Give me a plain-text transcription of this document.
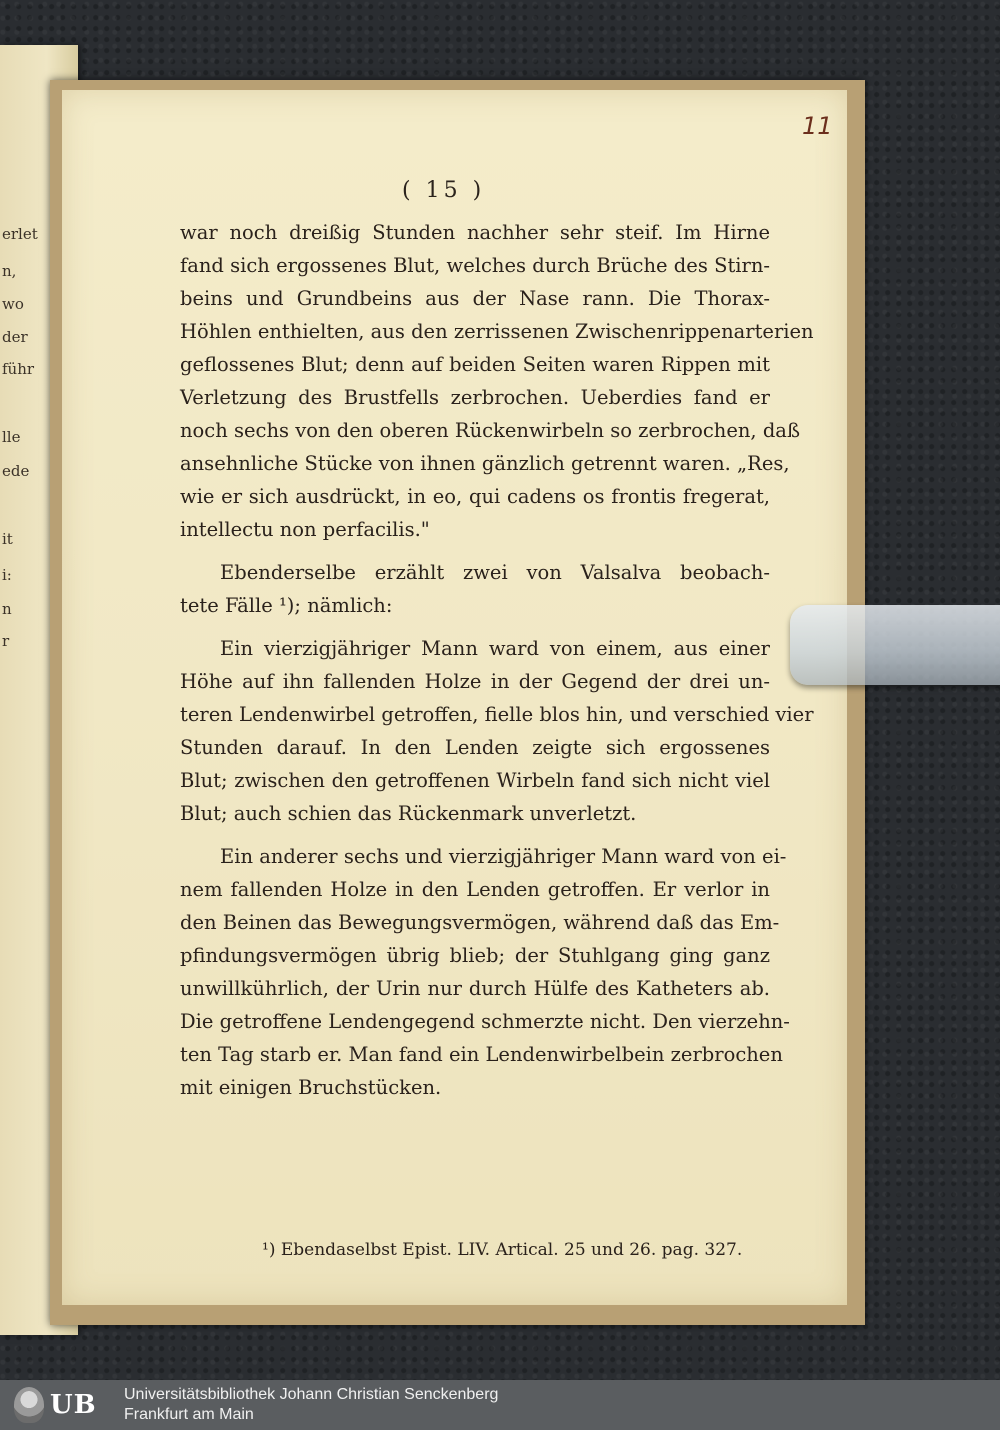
erlet
n,
wo
der
führ
lle
ede
it
i:
n
r
11
( 15 )
war noch dreißig Stunden nachher sehr steif. Im Hirne
fand sich ergossenes Blut, welches durch Brüche des Stirn-
beins und Grundbeins aus der Nase rann. Die Thorax-
Höhlen enthielten, aus den zerrissenen Zwischenrippenarterien
geflossenes Blut; denn auf beiden Seiten waren Rippen mit
Verletzung des Brustfells zerbrochen. Ueberdies fand er
noch sechs von den oberen Rückenwirbeln so zerbrochen, daß
ansehnliche Stücke von ihnen gänzlich getrennt waren. „Res,
wie er sich ausdrückt, in eo, qui cadens os frontis fregerat,
intellectu non perfacilis."
Ebenderselbe erzählt zwei von Valsalva beobach-
tete Fälle ¹); nämlich:
Ein vierzigjähriger Mann ward von einem, aus einer
Höhe auf ihn fallenden Holze in der Gegend der drei un-
teren Lendenwirbel getroffen, fielle blos hin, und verschied vier
Stunden darauf. In den Lenden zeigte sich ergossenes
Blut; zwischen den getroffenen Wirbeln fand sich nicht viel
Blut; auch schien das Rückenmark unverletzt.
Ein anderer sechs und vierzigjähriger Mann ward von ei-
nem fallenden Holze in den Lenden getroffen. Er verlor in
den Beinen das Bewegungsvermögen, während daß das Em-
pfindungsvermögen übrig blieb; der Stuhlgang ging ganz
unwillkührlich, der Urin nur durch Hülfe des Katheters ab.
Die getroffene Lendengegend schmerzte nicht. Den vierzehn-
ten Tag starb er. Man fand ein Lendenwirbelbein zerbrochen
mit einigen Bruchstücken.
¹) Ebendaselbst Epist. LIV. Artical. 25 und 26. pag. 327.
UB Universitätsbibliothek Johann Christian Senckenberg
Frankfurt am Main
